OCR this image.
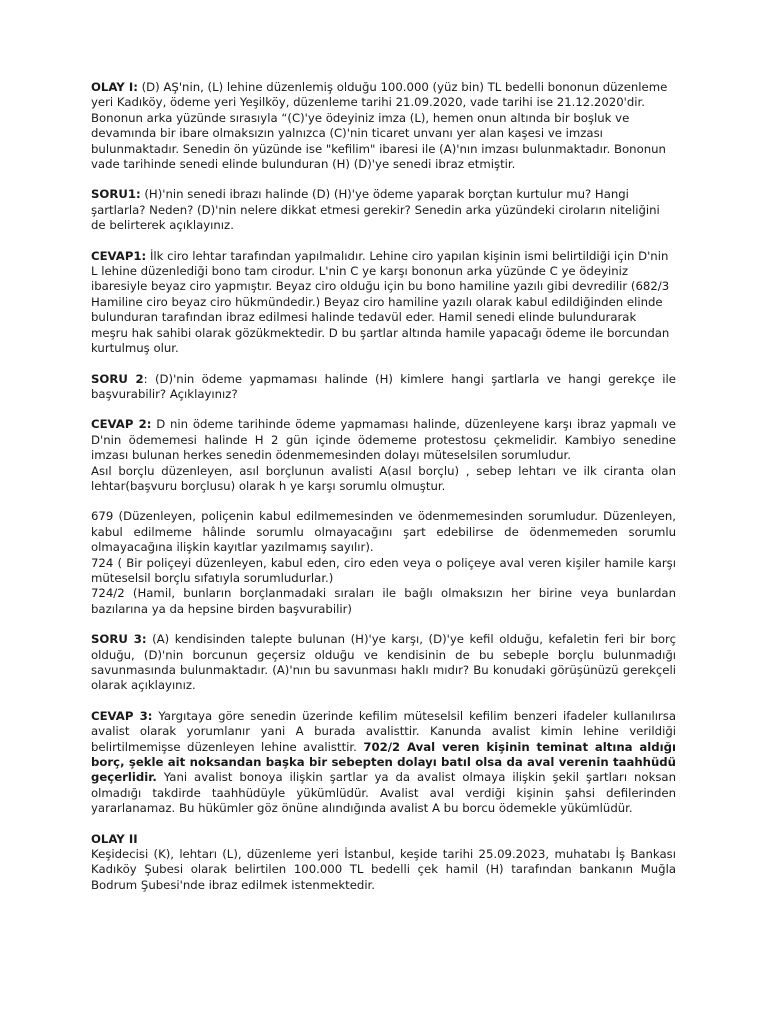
OLAY I: (D) AŞ'nin, (L) lehine düzenlemiş olduğu 100.000 (yüz bin) TL bedelli bononun düzenleme yeri Kadıköy, ödeme yeri Yeşilköy, düzenleme tarihi 21.09.2020, vade tarihi ise 21.12.2020'dir. Bononun arka yüzünde sırasıyla “(C)'ye ödeyiniz imza (L), hemen onun altında bir boşluk ve devamında bir ibare olmaksızın yalnızca (C)'nin ticaret unvanı yer alan kaşesi ve imzası bulunmaktadır. Senedin ön yüzünde ise "kefilim" ibaresi ile (A)'nın imzası bulunmaktadır. Bononun vade tarihinde senedi elinde bulunduran (H) (D)'ye senedi ibraz etmiştir.

SORU1: (H)'nin senedi ibrazı halinde (D) (H)'ye ödeme yaparak borçtan kurtulur mu? Hangi şartlarla? Neden? (D)'nin nelere dikkat etmesi gerekir? Senedin arka yüzündeki ciroların niteliğini de belirterek açıklayınız.

CEVAP1: İlk ciro lehtar tarafından yapılmalıdır. Lehine ciro yapılan kişinin ismi belirtildiği için D'nin L lehine düzenlediği bono tam cirodur. L'nin C ye karşı bononun arka yüzünde C ye ödeyiniz ibaresiyle beyaz ciro yapmıştır. Beyaz ciro olduğu için bu bono hamiline yazılı gibi devredilir (682/3 Hamiline ciro beyaz ciro hükmündedir.) Beyaz ciro hamiline yazılı olarak kabul edildiğinden elinde bulunduran tarafından ibraz edilmesi halinde tedavül eder. Hamil senedi elinde bulundurarak meşru hak sahibi olarak gözükmektedir. D bu şartlar altında hamile yapacağı ödeme ile borcundan kurtulmuş olur.

SORU 2: (D)'nin ödeme yapmaması halinde (H) kimlere hangi şartlarla ve hangi gerekçe ile başvurabilir? Açıklayınız?

CEVAP 2: D nin ödeme tarihinde ödeme yapmaması halinde, düzenleyene karşı ibraz yapmalı ve D'nin ödememesi halinde H 2 gün içinde ödememe protestosu çekmelidir. Kambiyo senedine imzası bulunan herkes senedin ödenmemesinden dolayı müteselsilen sorumludur.
Asıl borçlu düzenleyen, asıl borçlunun avalisti A(asıl borçlu) , sebep lehtarı ve ilk ciranta olan lehtar(başvuru borçlusu) olarak h ye karşı sorumlu olmuştur.

679 (Düzenleyen, poliçenin kabul edilmemesinden ve ödenmemesinden sorumludur. Düzenleyen, kabul edilmeme hâlinde sorumlu olmayacağını şart edebilirse de ödenmemeden sorumlu olmayacağına ilişkin kayıtlar yazılmamış sayılır).
724 ( Bir poliçeyi düzenleyen, kabul eden, ciro eden veya o poliçeye aval veren kişiler hamile karşı müteselsil borçlu sıfatıyla sorumludurlar.)
724/2 (Hamil, bunların borçlanmadaki sıraları ile bağlı olmaksızın her birine veya bunlardan bazılarına ya da hepsine birden başvurabilir)

SORU 3: (A) kendisinden talepte bulunan (H)'ye karşı, (D)'ye kefil olduğu, kefaletin feri bir borç olduğu, (D)'nin borcunun geçersiz olduğu ve kendisinin de bu sebeple borçlu bulunmadığı savunmasında bulunmaktadır. (A)'nın bu savunması haklı mıdır? Bu konudaki görüşünüzü gerekçeli olarak açıklayınız.

CEVAP 3: Yargıtaya göre senedin üzerinde kefilim müteselsil kefilim benzeri ifadeler kullanılırsa avalist olarak yorumlanır yani A burada avalisttir. Kanunda avalist kimin lehine verildiği belirtilmemişse düzenleyen lehine avalisttir. 702/2 Aval veren kişinin teminat altına aldığı borç, şekle ait noksandan başka bir sebepten dolayı batıl olsa da aval verenin taahhüdü geçerlidir. Yani avalist bonoya ilişkin şartlar ya da avalist olmaya ilişkin şekil şartları noksan olmadığı takdirde taahhüdüyle yükümlüdür. Avalist aval verdiği kişinin şahsi defilerinden yararlanamaz. Bu hükümler göz önüne alındığında avalist A bu borcu ödemekle yükümlüdür.

OLAY II
Keşidecisi (K), lehtarı (L), düzenleme yeri İstanbul, keşide tarihi 25.09.2023, muhatabı İş Bankası Kadıköy Şubesi olarak belirtilen 100.000 TL bedelli çek hamil (H) tarafından bankanın Muğla Bodrum Şubesi'nde ibraz edilmek istenmektedir.
